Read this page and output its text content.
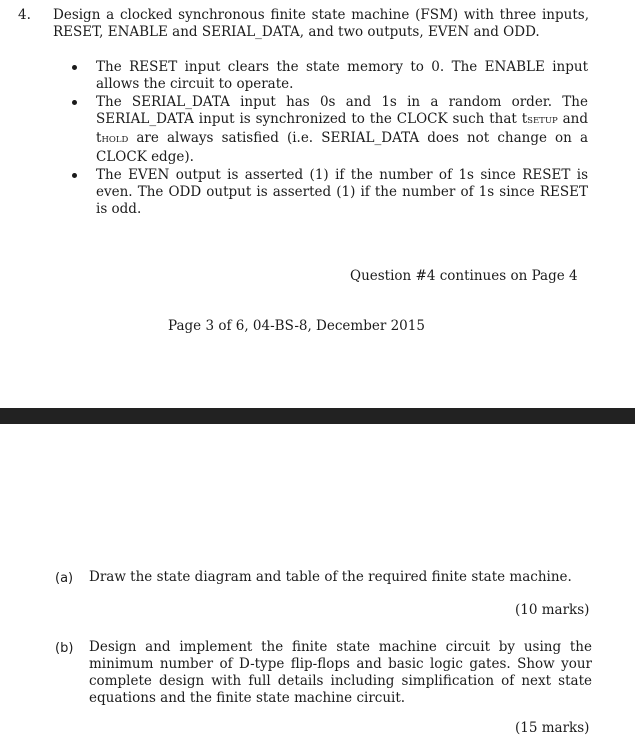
4. Design a clocked synchronous finite state machine (FSM) with three inputs, RESET, ENABLE and SERIAL_DATA, and two outputs, EVEN and ODD.
The RESET input clears the state memory to 0. The ENABLE input allows the circuit to operate.
The SERIAL_DATA input has 0s and 1s in a random order. The SERIAL_DATA input is synchronized to the CLOCK such that tSETUP and tHOLD are always satisfied (i.e. SERIAL_DATA does not change on a CLOCK edge).
The EVEN output is asserted (1) if the number of 1s since RESET is even. The ODD output is asserted (1) if the number of 1s since RESET is odd.
Question #4 continues on Page 4
Page 3 of 6, 04-BS-8, December 2015
(a) Draw the state diagram and table of the required finite state machine.
(10 marks)
(b) Design and implement the finite state machine circuit by using the minimum number of D-type flip-flops and basic logic gates. Show your complete design with full details including simplification of next state equations and the finite state machine circuit.
(15 marks)
